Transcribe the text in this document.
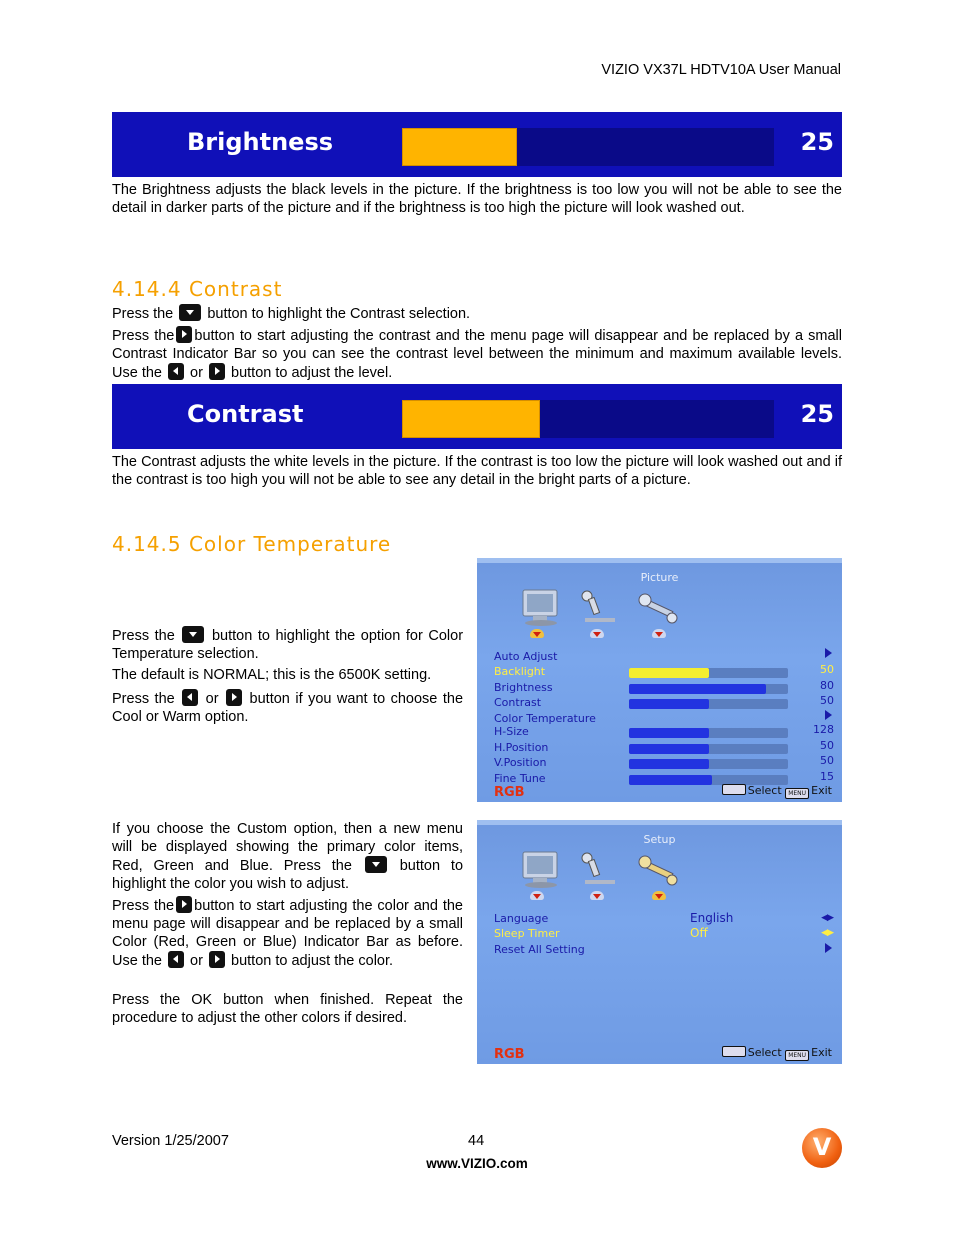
VIZIO VX37L HDTV10A User Manual
Brightness	25

The Brightness adjusts the black levels in the picture. If the brightness is too low you will not be able to see the detail in darker parts of the picture and if the brightness is too high the picture will look washed out.

4.14.4 Contrast

Press the button to highlight the Contrast selection.

Press the button to start adjusting the contrast and the menu page will disappear and be replaced by a small Contrast Indicator Bar so you can see the contrast level between the minimum and maximum available levels. Use the or button to adjust the level.

Contrast	25

The Contrast adjusts the white levels in the picture. If the contrast is too low the picture will look washed out and if the contrast is too high you will not be able to see any detail in the bright parts of a picture.

4.14.5 Color Temperature

Press the	button to highlight the option for Color Temperature selection.

The default is NORMAL; this is the 6500K setting.

Press the or button if you want to choose the Cool or Warm option.

If you choose the Custom option, then a new menu will be displayed showing the primary color items, Red, Green and Blue. Press the	button to highlight the color you wish to adjust.

Press the button to start adjusting the color and the menu page will disappear and be replaced by a small Color (Red, Green or Blue) Indicator Bar as before. Use the or button to adjust the color.

Press the OK button when finished. Repeat the procedure to adjust the other colors if desired.

Picture
Auto Adjust
Backlight	50
Brightness	80
Contrast	50
Color Temperature
H-Size	128
H.Position	50
V.Position	50
Fine Tune	15
RGB	Select MENU Exit
Setup
Language	English	◀▶
Sleep Timer	Off	◀▶
Reset All Setting
RGB	Select MENU Exit
Version 1/25/2007	44
www.VIZIO.com
V
